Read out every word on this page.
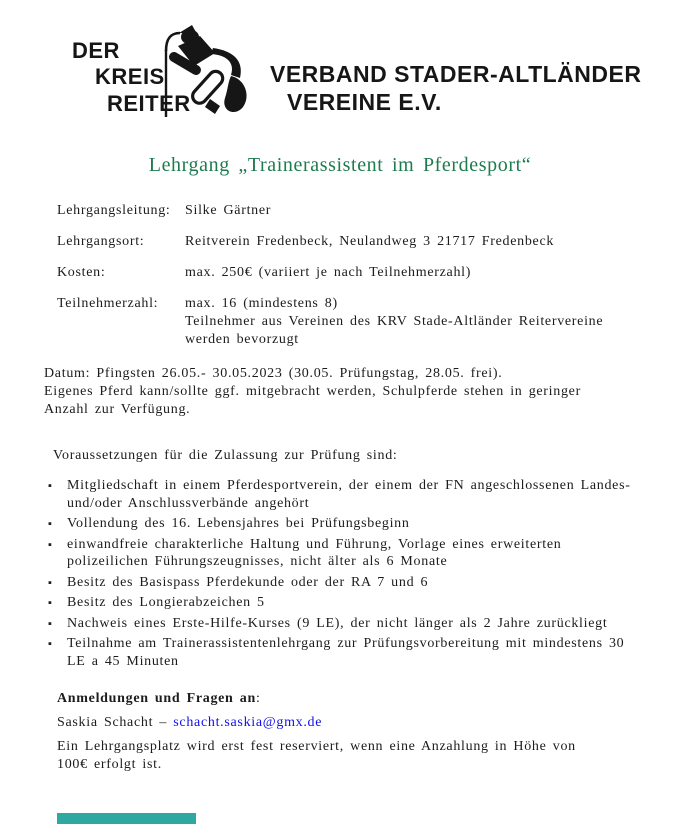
DER
KREIS
REITER
VERBAND STADER-ALTLÄNDER
VEREINE E.V.
Lehrgang „Trainerassistent im Pferdesport“
Lehrgangsleitung:	Silke Gärtner
Lehrgangsort:	Reitverein Fredenbeck, Neulandweg 3 21717 Fredenbeck
Kosten:	max. 250€ (variiert je nach Teilnehmerzahl)
Teilnehmerzahl:	max. 16 (mindestens 8)
Teilnehmer aus Vereinen des KRV Stade-Altländer Reitervereine
werden bevorzugt
Datum: Pfingsten 26.05.- 30.05.2023 (30.05. Prüfungstag, 28.05. frei).
Eigenes Pferd kann/sollte ggf. mitgebracht werden, Schulpferde stehen in geringer
Anzahl zur Verfügung.
Voraussetzungen für die Zulassung zur Prüfung sind:
▪ Mitgliedschaft in einem Pferdesportverein, der einem der FN angeschlossenen Landes- und/oder Anschlussverbände angehört
▪ Vollendung des 16. Lebensjahres bei Prüfungsbeginn
▪ einwandfreie charakterliche Haltung und Führung, Vorlage eines erweiterten polizeilichen Führungszeugnisses, nicht älter als 6 Monate
▪ Besitz des Basispass Pferdekunde oder der RA 7 und 6
▪ Besitz des Longierabzeichen 5
▪ Nachweis eines Erste-Hilfe-Kurses (9 LE), der nicht länger als 2 Jahre zurückliegt
▪ Teilnahme am Trainerassistentenlehrgang zur Prüfungsvorbereitung mit mindestens 30 LE a 45 Minuten
Anmeldungen und Fragen an:
Saskia Schacht – schacht.saskia@gmx.de
Ein Lehrgangsplatz wird erst fest reserviert, wenn eine Anzahlung in Höhe von
100€ erfolgt ist.
